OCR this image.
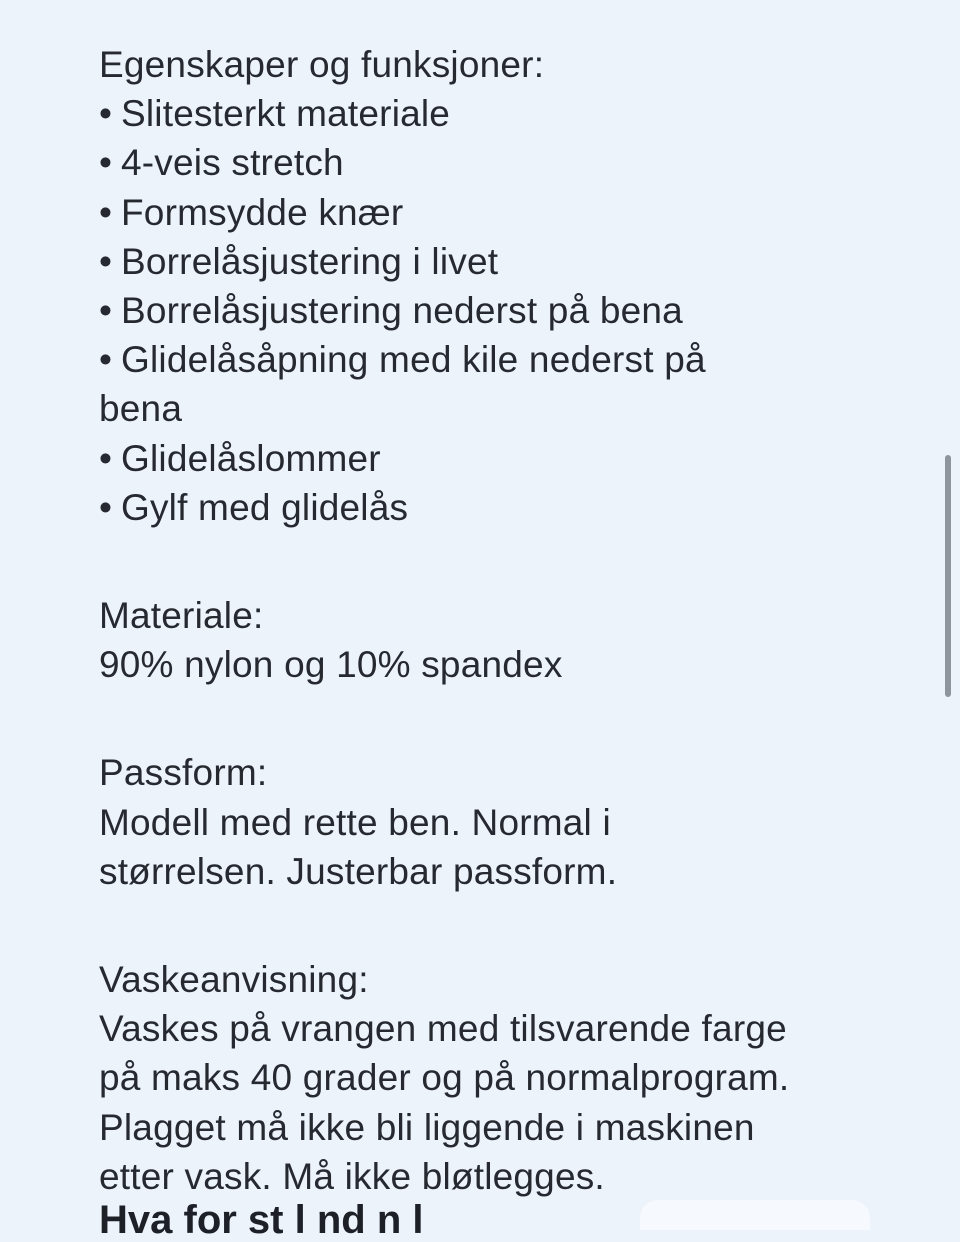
Egenskaper og funksjoner:
• Slitesterkt materiale
• 4-veis stretch
• Formsydde knær
• Borrelåsjustering i livet
• Borrelåsjustering nederst på bena
• Glidelåsåpning med kile nederst på
bena
• Glidelåslommer
• Gylf med glidelås
Materiale:
90% nylon og 10% spandex
Passform:
Modell med rette ben. Normal i
størrelsen. Justerbar passform.
Vaskeanvisning:
Vaskes på vrangen med tilsvarende farge
på maks 40 grader og på normalprogram.
Plagget må ikke bli liggende i maskinen
etter vask. Må ikke bløtlegges.
Hva for st l nd n l
